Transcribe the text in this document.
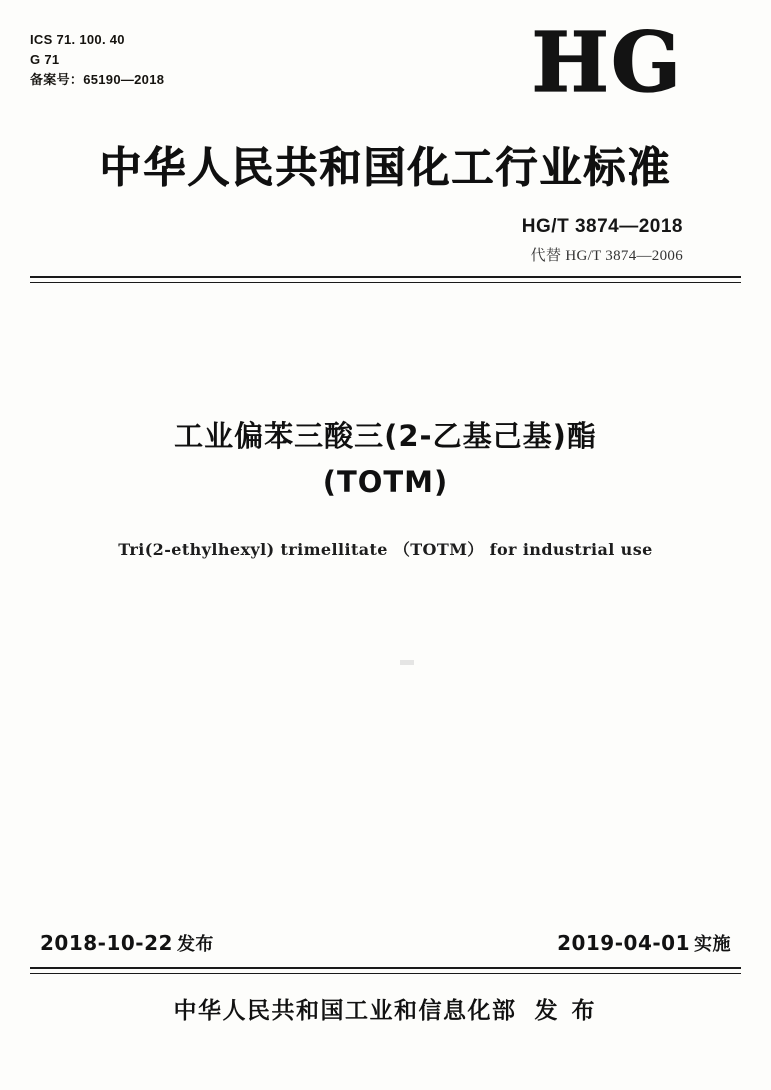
ICS 71. 100. 40
G 71
备案号：65190—2018	HG
中华人民共和国化工行业标准
HG/T 3874—2018
代替 HG/T 3874—2006
工业偏苯三酸三(2-乙基己基)酯
(TOTM)
Tri(2-ethylhexyl) trimellitate （TOTM） for industrial use
2018-10-22 发布	2019-04-01 实施
中华人民共和国工业和信息化部 发 布
